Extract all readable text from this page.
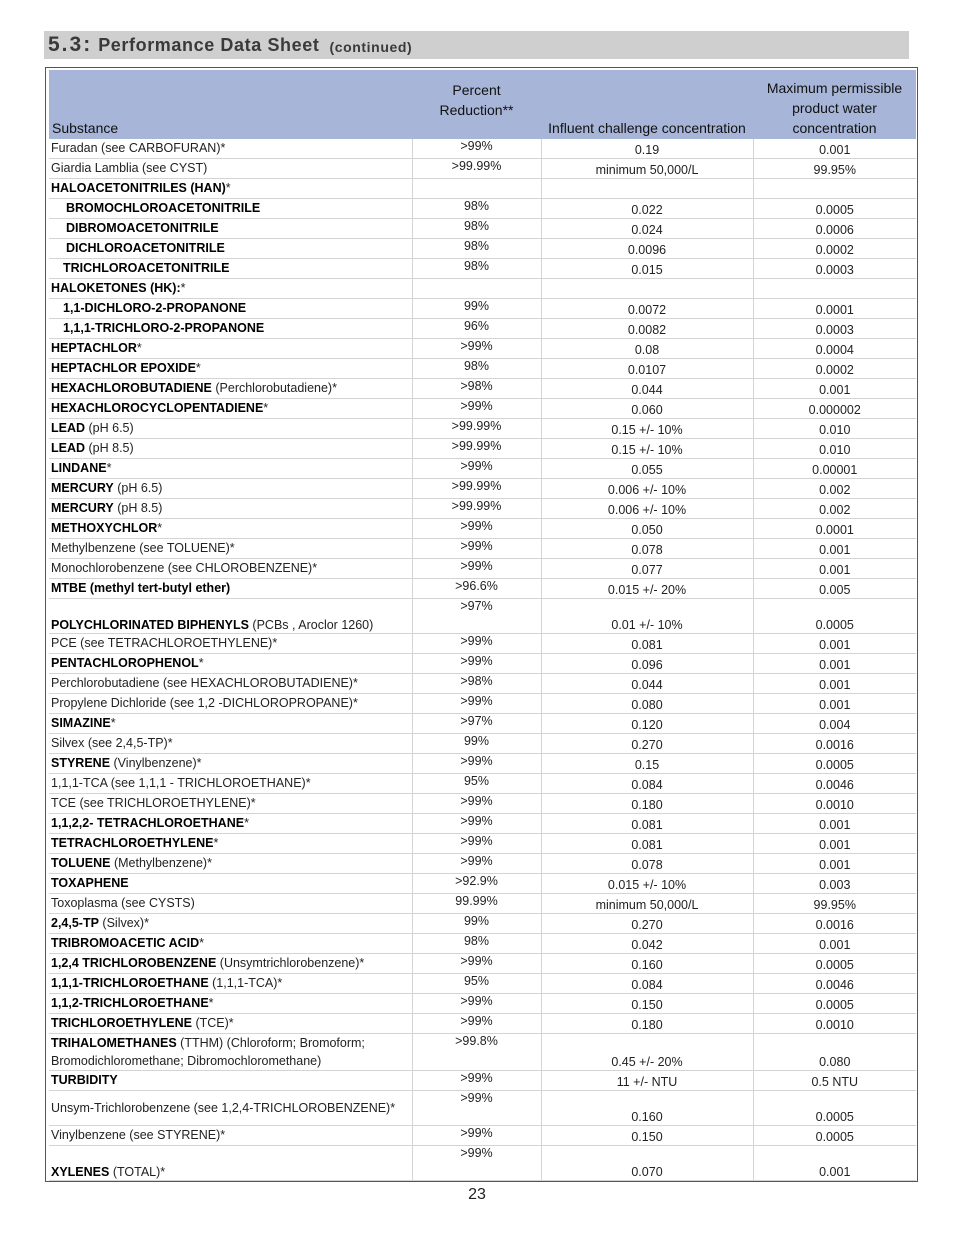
5.3: Performance Data Sheet (continued)
Substance	Percent Reduction**	Influent challenge concentration	Maximum permissible product water concentration
Furadan (see CARBOFURAN)*	>99%	0.19	0.001
Giardia Lamblia (see CYST)	>99.99%	minimum 50,000/L	99.95%
HALOACETONITRILES (HAN)*			
BROMOCHLOROACETONITRILE	98%	0.022	0.0005
DIBROMOACETONITRILE	98%	0.024	0.0006
DICHLOROACETONITRILE	98%	0.0096	0.0002
TRICHLOROACETONITRILE	98%	0.015	0.0003
HALOKETONES (HK):*			
1,1-DICHLORO-2-PROPANONE	99%	0.0072	0.0001
1,1,1-TRICHLORO-2-PROPANONE	96%	0.0082	0.0003
HEPTACHLOR*	>99%	0.08	0.0004
HEPTACHLOR EPOXIDE*	98%	0.0107	0.0002
HEXACHLOROBUTADIENE (Perchlorobutadiene)*	>98%	0.044	0.001
HEXACHLOROCYCLOPENTADIENE*	>99%	0.060	0.000002
LEAD (pH 6.5)	>99.99%	0.15 +/- 10%	0.010
LEAD (pH 8.5)	>99.99%	0.15 +/- 10%	0.010
LINDANE*	>99%	0.055	0.00001
MERCURY (pH 6.5)	>99.99%	0.006 +/- 10%	0.002
MERCURY (pH 8.5)	>99.99%	0.006 +/- 10%	0.002
METHOXYCHLOR*	>99%	0.050	0.0001
Methylbenzene (see TOLUENE)*	>99%	0.078	0.001
Monochlorobenzene (see CHLOROBENZENE)*	>99%	0.077	0.001
MTBE (methyl tert-butyl ether)	>96.6%	0.015 +/- 20%	0.005
POLYCHLORINATED BIPHENYLS (PCBs , Aroclor 1260)	>97%	0.01 +/- 10%	0.0005
PCE (see TETRACHLOROETHYLENE)*	>99%	0.081	0.001
PENTACHLOROPHENOL*	>99%	0.096	0.001
Perchlorobutadiene (see HEXACHLOROBUTADIENE)*	>98%	0.044	0.001
Propylene Dichloride (see 1,2 -DICHLOROPROPANE)*	>99%	0.080	0.001
SIMAZINE*	>97%	0.120	0.004
Silvex (see 2,4,5-TP)*	99%	0.270	0.0016
STYRENE (Vinylbenzene)*	>99%	0.15	0.0005
1,1,1-TCA (see 1,1,1 - TRICHLOROETHANE)*	95%	0.084	0.0046
TCE (see TRICHLOROETHYLENE)*	>99%	0.180	0.0010
1,1,2,2- TETRACHLOROETHANE*	>99%	0.081	0.001
TETRACHLOROETHYLENE*	>99%	0.081	0.001
TOLUENE (Methylbenzene)*	>99%	0.078	0.001
TOXAPHENE	>92.9%	0.015 +/- 10%	0.003
Toxoplasma (see CYSTS)	99.99%	minimum 50,000/L	99.95%
2,4,5-TP (Silvex)*	99%	0.270	0.0016
TRIBROMOACETIC ACID*	98%	0.042	0.001
1,2,4 TRICHLOROBENZENE (Unsymtrichlorobenzene)*	>99%	0.160	0.0005
1,1,1-TRICHLOROETHANE (1,1,1-TCA)*	95%	0.084	0.0046
1,1,2-TRICHLOROETHANE*	>99%	0.150	0.0005
TRICHLOROETHYLENE (TCE)*	>99%	0.180	0.0010
TRIHALOMETHANES (TTHM) (Chloroform; Bromoform; Bromodichloromethane; Dibromochloromethane)	>99.8%	0.45 +/- 20%	0.080
TURBIDITY	>99%	11 +/- NTU	0.5 NTU
Unsym-Trichlorobenzene (see 1,2,4-TRICHLOROBENZENE)*	>99%	0.160	0.0005
Vinylbenzene (see STYRENE)*	>99%	0.150	0.0005
XYLENES (TOTAL)*	>99%	0.070	0.001
23
